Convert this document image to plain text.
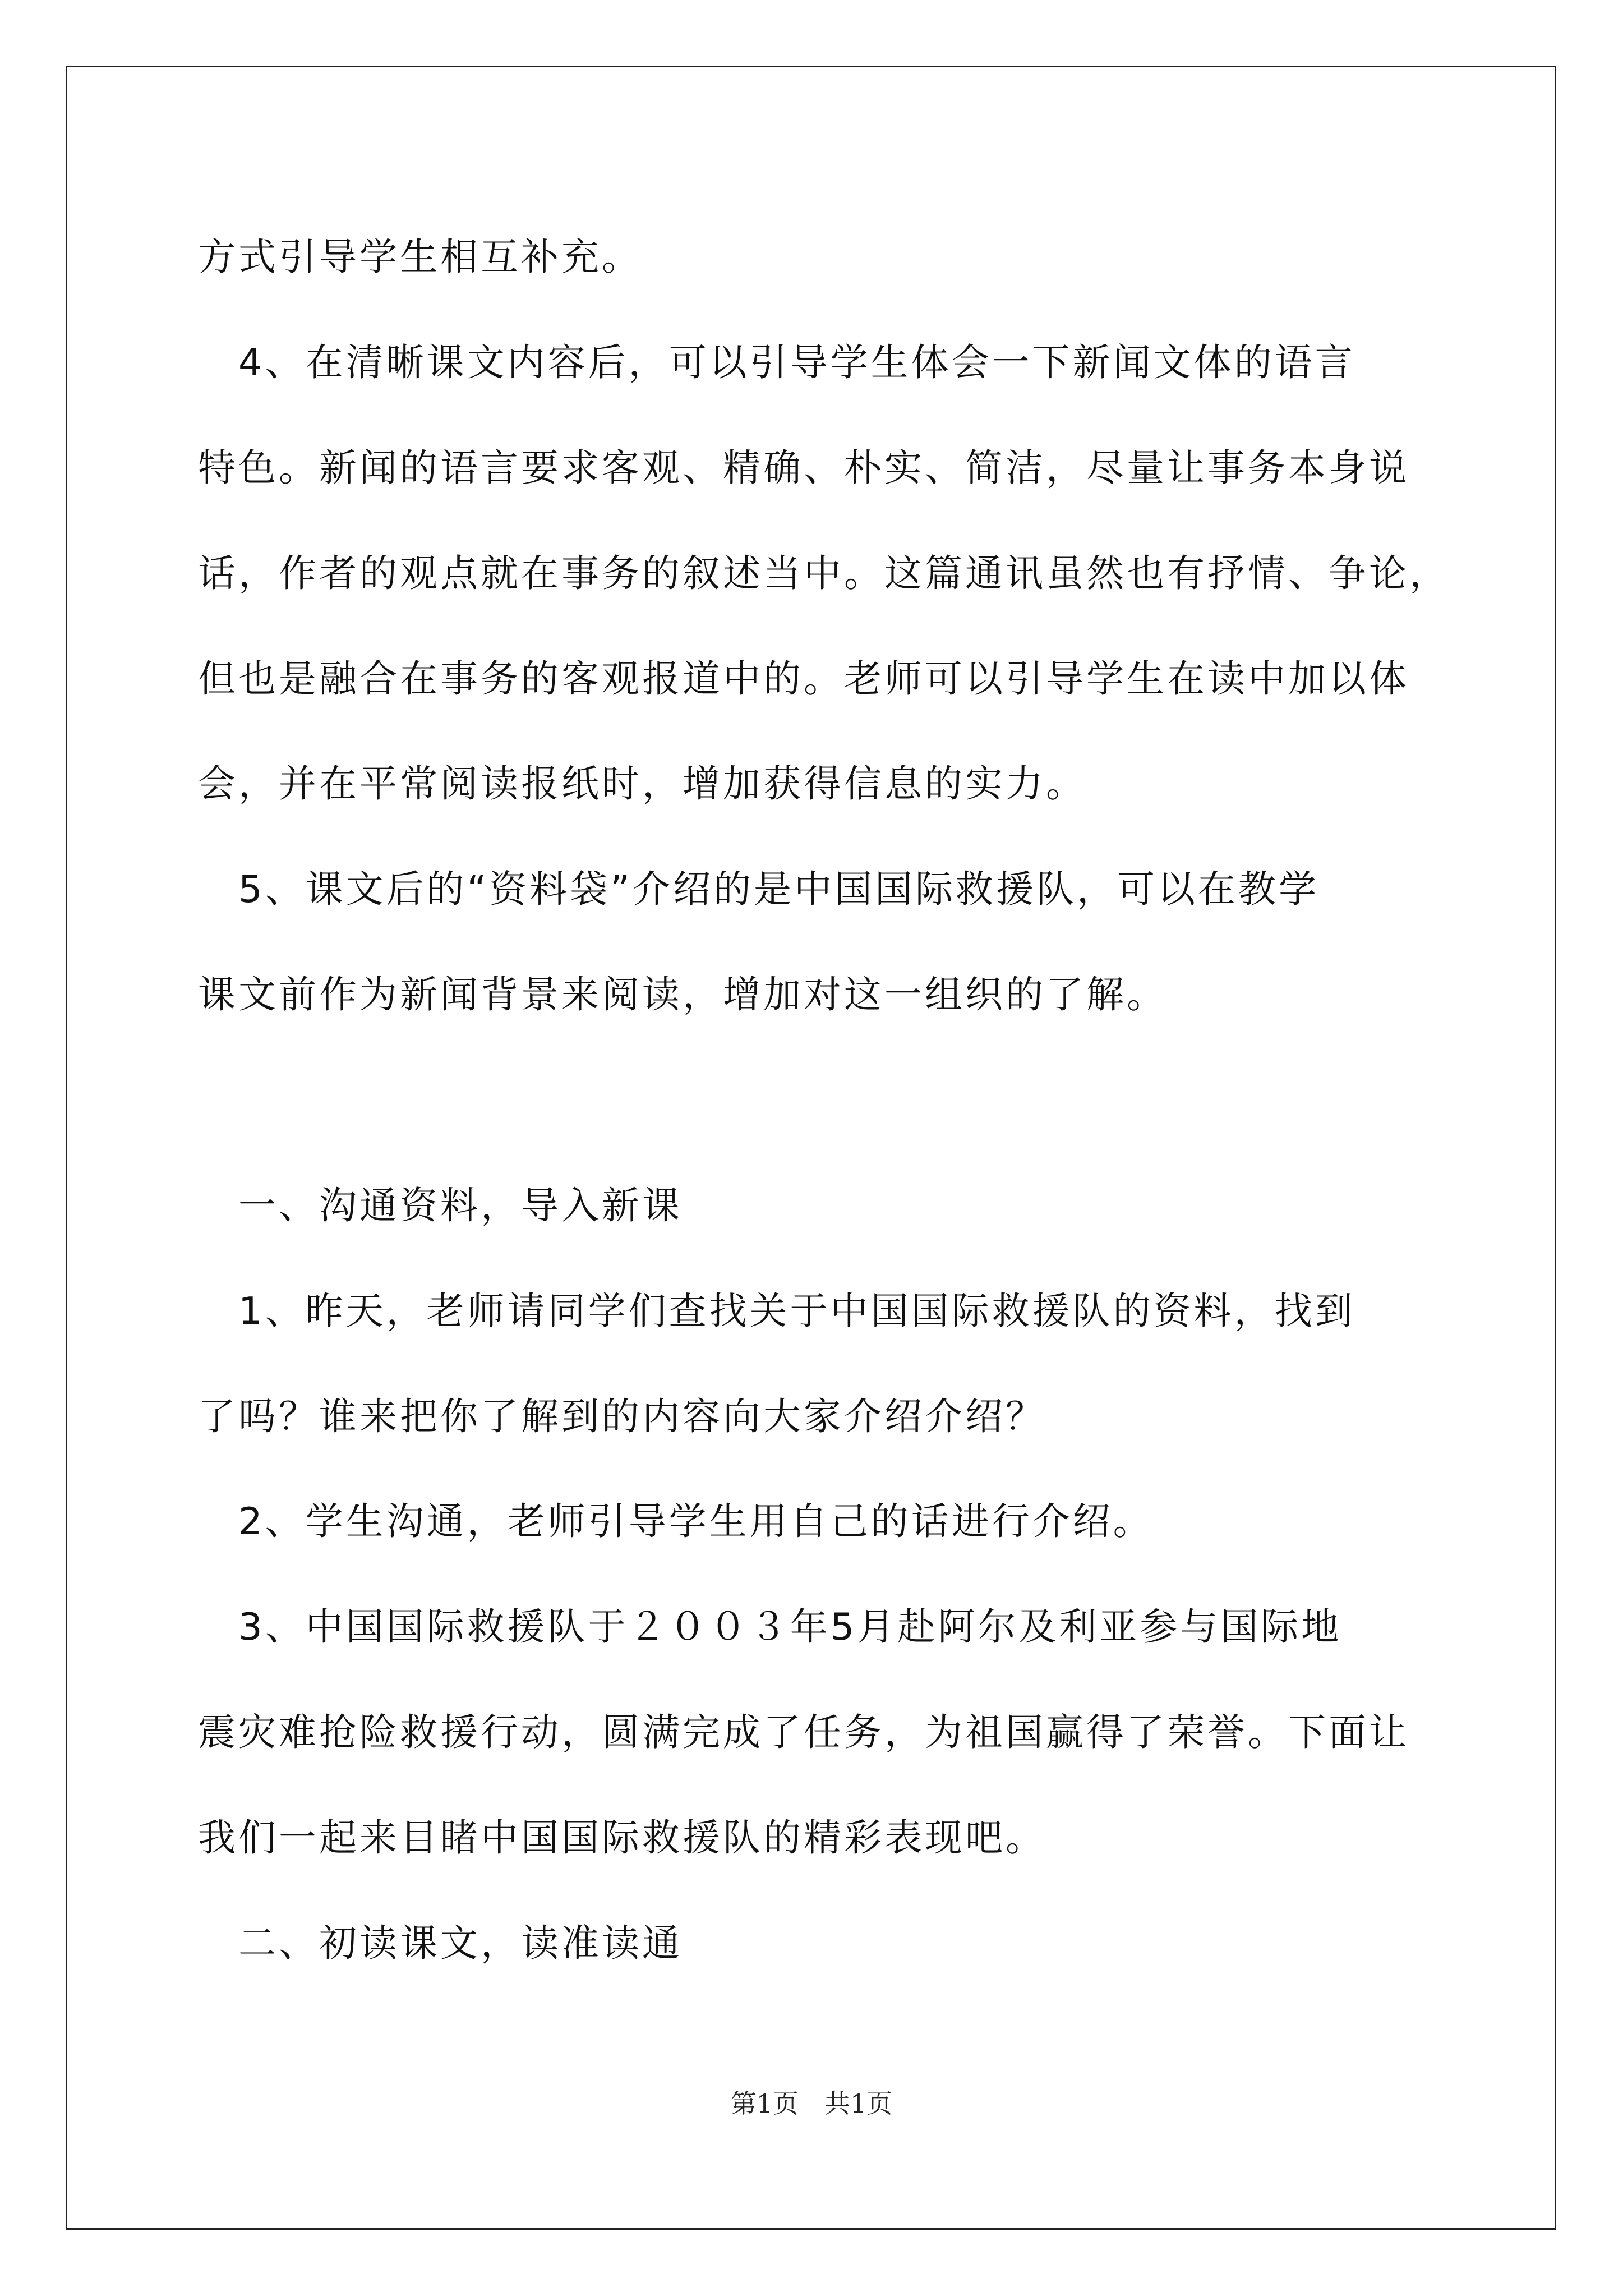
方式引导学生相互补充。

　4、在清晰课文内容后，可以引导学生体会一下新闻文体的语言

特色。新闻的语言要求客观、精确、朴实、简洁，尽量让事务本身说

话，作者的观点就在事务的叙述当中。这篇通讯虽然也有抒情、争论，

但也是融合在事务的客观报道中的。老师可以引导学生在读中加以体

会，并在平常阅读报纸时，增加获得信息的实力。

　5、课文后的“资料袋”介绍的是中国国际救援队，可以在教学

课文前作为新闻背景来阅读，增加对这一组织的了解。

　一、沟通资料，导入新课

　1、昨天，老师请同学们查找关于中国国际救援队的资料，找到

了吗？谁来把你了解到的内容向大家介绍介绍？

　2、学生沟通，老师引导学生用自己的话进行介绍。

　3、中国国际救援队于２００３年5月赴阿尔及利亚参与国际地

震灾难抢险救援行动，圆满完成了任务，为祖国赢得了荣誉。下面让

我们一起来目睹中国国际救援队的精彩表现吧。

　二、初读课文，读准读通

第1页　共1页
